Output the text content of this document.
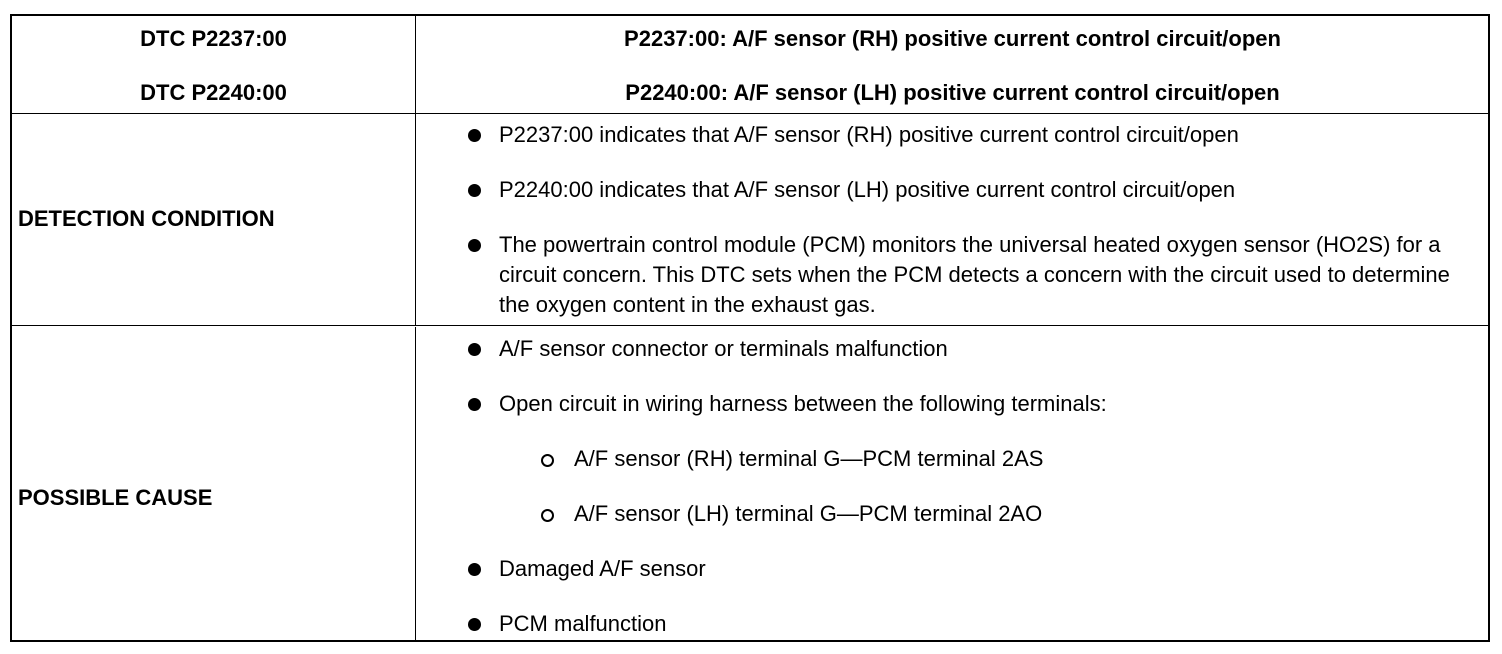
DTC P2237:00
DTC P2240:00
P2237:00: A/F sensor (RH) positive current control circuit/open
P2240:00: A/F sensor (LH) positive current control circuit/open
DETECTION CONDITION
P2237:00 indicates that A/F sensor (RH) positive current control circuit/open
P2240:00 indicates that A/F sensor (LH) positive current control circuit/open
The powertrain control module (PCM) monitors the universal heated oxygen sensor (HO2S) for a circuit concern. This DTC sets when the PCM detects a concern with the circuit used to determine the oxygen content in the exhaust gas.
POSSIBLE CAUSE
A/F sensor connector or terminals malfunction
Open circuit in wiring harness between the following terminals:
A/F sensor (RH) terminal G—PCM terminal 2AS
A/F sensor (LH) terminal G—PCM terminal 2AO
Damaged A/F sensor
PCM malfunction
